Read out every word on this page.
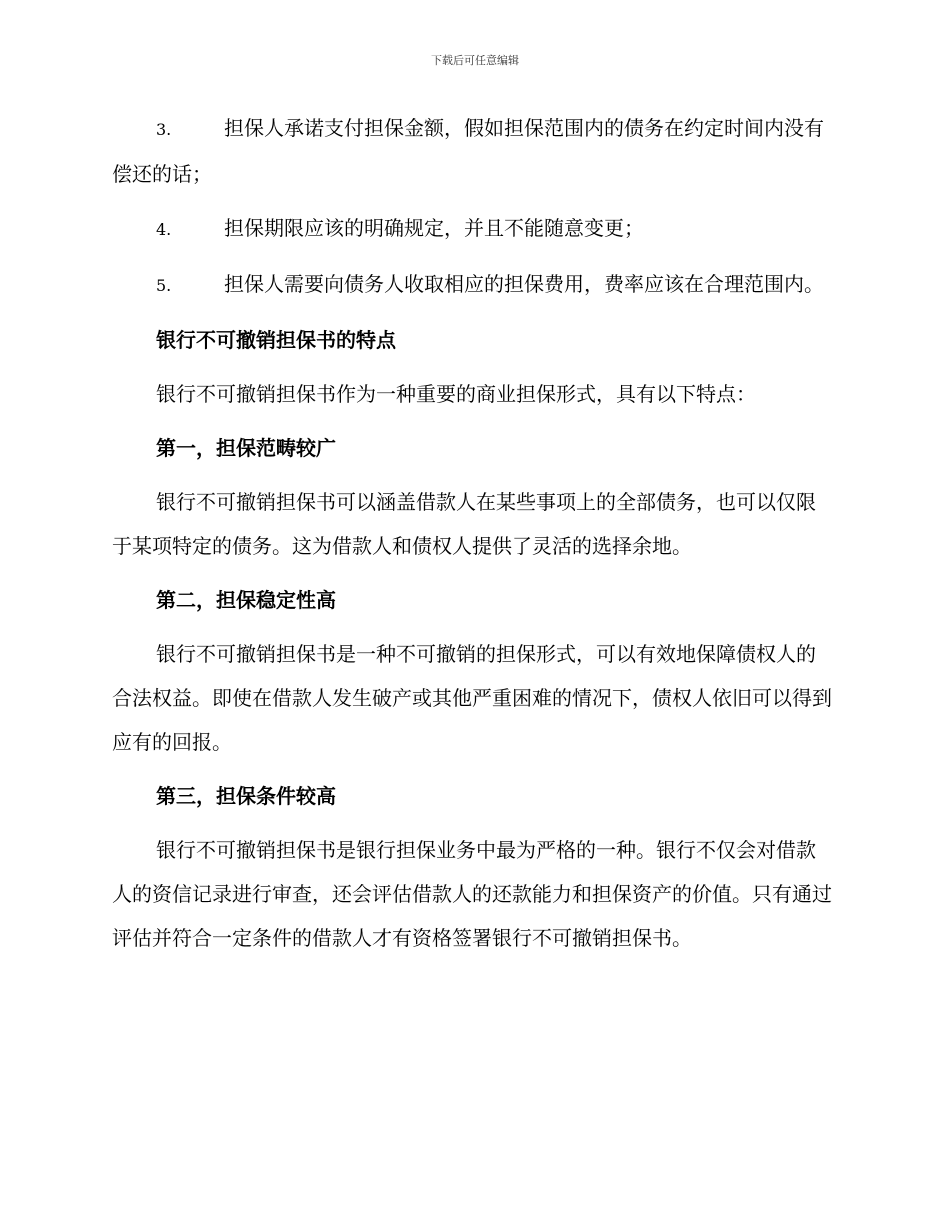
下载后可任意编辑

3.	担保人承诺支付担保金额，假如担保范围内的债务在约定时间内没有偿还的话；

4.	担保期限应该的明确规定，并且不能随意变更；

5.	担保人需要向债务人收取相应的担保费用，费率应该在合理范围内。

银行不可撤销担保书的特点

银行不可撤销担保书作为一种重要的商业担保形式，具有以下特点：

第一，担保范畴较广

银行不可撤销担保书可以涵盖借款人在某些事项上的全部债务，也可以仅限于某项特定的债务。这为借款人和债权人提供了灵活的选择余地。

第二，担保稳定性高

银行不可撤销担保书是一种不可撤销的担保形式，可以有效地保障债权人的合法权益。即使在借款人发生破产或其他严重困难的情况下，债权人依旧可以得到应有的回报。

第三，担保条件较高

银行不可撤销担保书是银行担保业务中最为严格的一种。银行不仅会对借款人的资信记录进行审查，还会评估借款人的还款能力和担保资产的价值。只有通过评估并符合一定条件的借款人才有资格签署银行不可撤销担保书。
